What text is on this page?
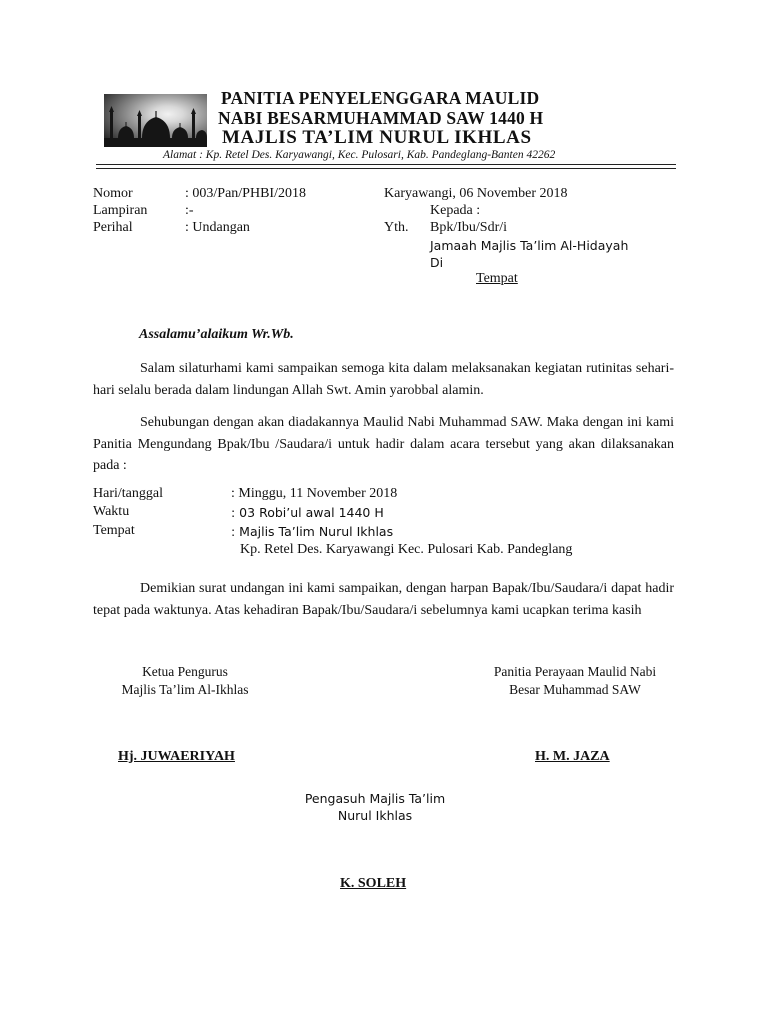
PANITIA PENYELENGGARA MAULID
NABI BESARMUHAMMAD SAW 1440 H
MAJLIS TA’LIM NURUL IKHLAS
Alamat : Kp. Retel Des. Karyawangi, Kec. Pulosari, Kab. Pandeglang-Banten 42262
Nomor	: 003/Pan/PHBI/2018
Lampiran	:-
Perihal	: Undangan
Karyawangi, 06 November 2018
Kepada :
Yth. Bpk/Ibu/Sdr/i
Jamaah Majlis Ta’lim Al-Hidayah
Di
Tempat
Assalamu’alaikum Wr.Wb.
Salam silaturhami kami sampaikan semoga kita dalam melaksanakan kegiatan rutinitas sehari-hari selalu berada dalam lindungan Allah Swt. Amin yarobbal alamin.
Sehubungan dengan akan diadakannya Maulid Nabi Muhammad SAW. Maka dengan ini kami Panitia Mengundang Bpak/Ibu /Saudara/i untuk hadir dalam acara tersebut yang akan dilaksanakan pada :
Hari/tanggal	: Minggu, 11 November 2018
Waktu	: 03 Robi’ul awal 1440 H
Tempat	: Majlis Ta’lim Nurul Ikhlas
Kp. Retel Des. Karyawangi Kec. Pulosari Kab. Pandeglang
Demikian surat undangan ini kami sampaikan, dengan harpan Bapak/Ibu/Saudara/i dapat hadir tepat pada waktunya. Atas kehadiran Bapak/Ibu/Saudara/i sebelumnya kami ucapkan terima kasih
Ketua Pengurus
Majlis Ta’lim Al-Ikhlas
Hj. JUWAERIYAH
Panitia Perayaan Maulid Nabi
Besar Muhammad SAW
H. M. JAZA
Pengasuh Majlis Ta’lim
Nurul Ikhlas
K. SOLEH
